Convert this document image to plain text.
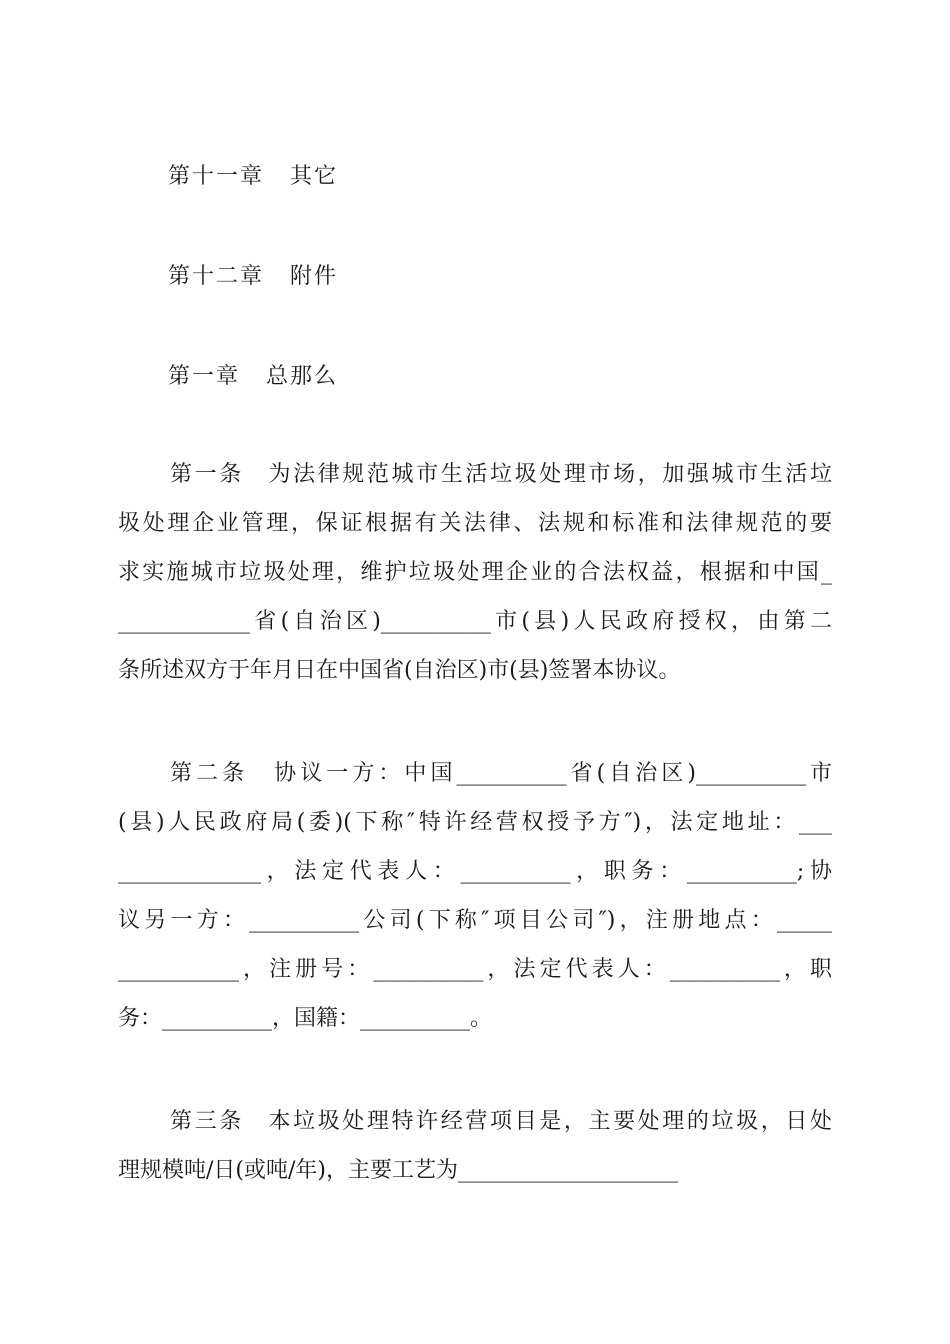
第十一章 其它
第十二章 附件
第一章 总那么
第一条　为法律规范城市生活垃圾处理市场，加强城市生活垃
圾处理企业管理，保证根据有关法律、法规和标准和法律规范的要
求实施城市垃圾处理，维护垃圾处理企业的合法权益，根据和中国_
____________省(自治区)__________市(县)人民政府授权，由第二
条所述双方于年月日在中国省(自治区)市(县)签署本协议。
第二条　协议一方：中国__________省(自治区)__________市
(县)人民政府局(委)(下称″特许经营权授予方″)，法定地址：___
_____________，法定代表人：__________，职务：__________;协
议另一方：__________公司(下称″项目公司″)，注册地点：_____
___________，注册号：__________，法定代表人：__________，职
务：__________，国籍：__________。
第三条　本垃圾处理特许经营项目是，主要处理的垃圾，日处
理规模吨/日(或吨/年)，主要工艺为____________________
